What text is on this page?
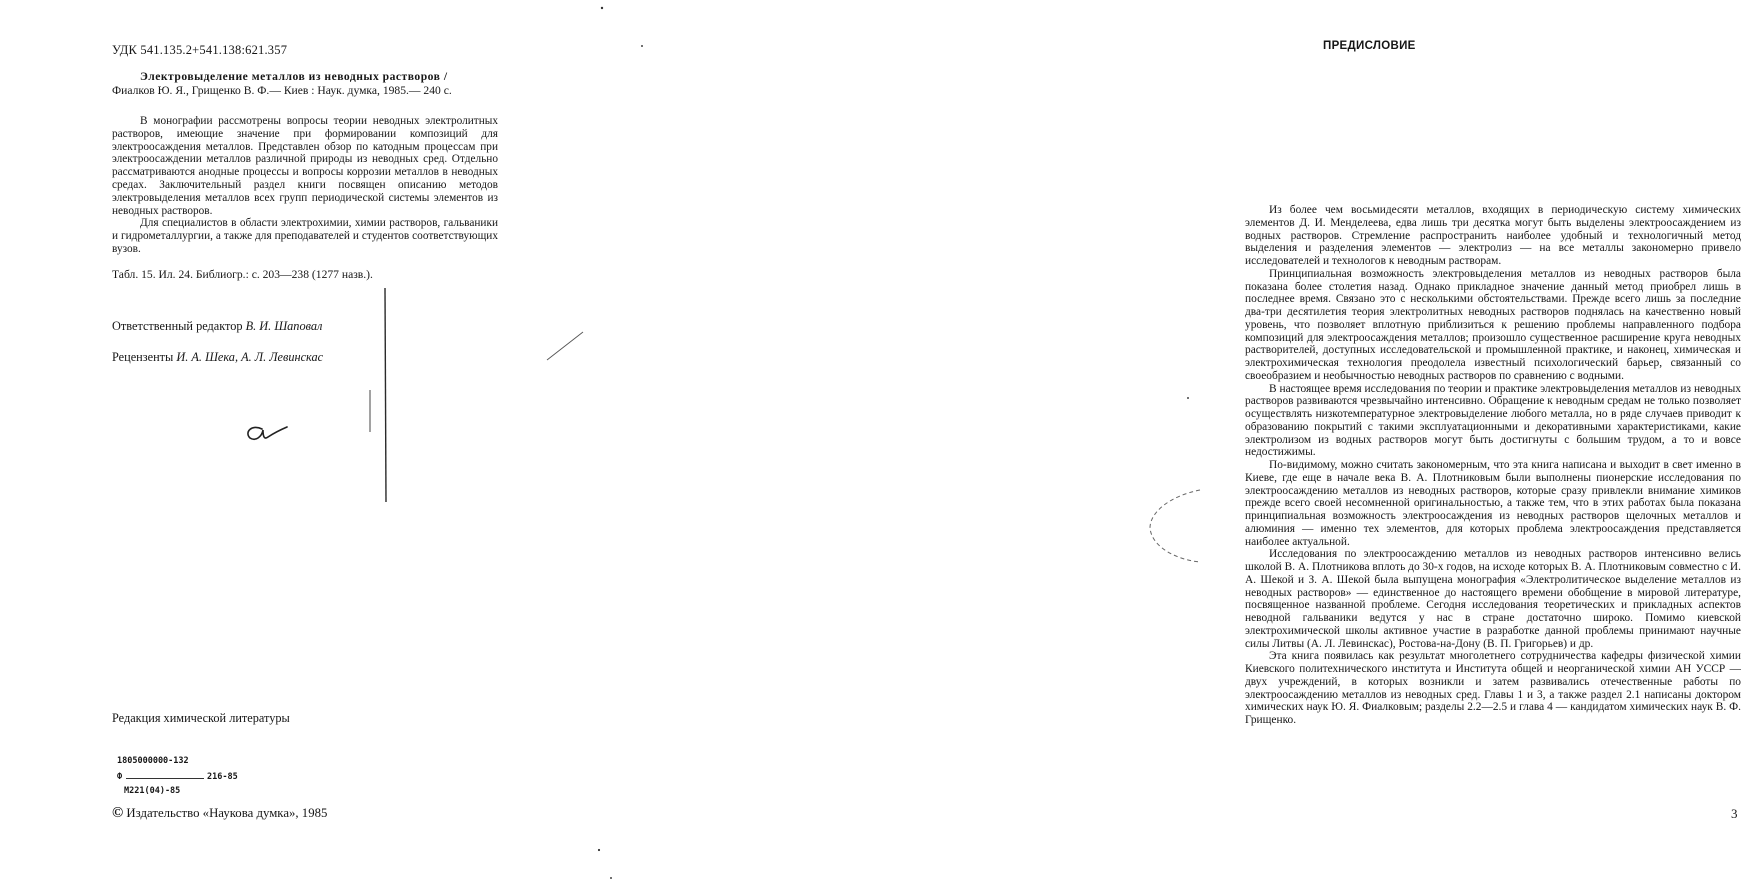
УДК 541.135.2+541.138:621.357

Электровыделение металлов из неводных растворов /

Фиалков Ю. Я., Грищенко В. Ф.— Киев : Наук. думка, 1985.— 240 с.

В монографии рассмотрены вопросы теории неводных электролитных растворов, имеющие значение при формировании композиций для электроосаждения металлов. Представлен обзор по катодным процессам при электроосаждении металлов различной природы из неводных сред. Отдельно рассматриваются анодные процессы и вопросы коррозии металлов в неводных средах. Заключительный раздел книги посвящен описанию методов электровыделения металлов всех групп периодической системы элементов из неводных растворов.

Для специалистов в области электрохимии, химии растворов, гальваники и гидрометаллургии, а также для преподавателей и студентов соответствующих вузов.

Табл. 15. Ил. 24. Библиогр.: с. 203—238 (1277 назв.).
Ответственный редактор В. И. Шаповал
Рецензенты И. А. Шека, А. Л. Левинскас
Редакция химической литературы
1805000000-132
Ф	216-85
М221(04)-85
© Издательство «Наукова думка», 1985
ПРЕДИСЛОВИЕ

Из более чем восьмидесяти металлов, входящих в периодическую систему химических элементов Д. И. Менделеева, едва лишь три десятка могут быть выделены электроосаждением из водных растворов. Стремление распространить наиболее удобный и технологичный метод выделения и разделения элементов — электролиз — на все металлы закономерно привело исследователей и технологов к неводным растворам.

Принципиальная возможность электровыделения металлов из неводных растворов была показана более столетия назад. Однако прикладное значение данный метод приобрел лишь в последнее время. Связано это с несколькими обстоятельствами. Прежде всего лишь за последние два-три десятилетия теория электролитных неводных растворов поднялась на качественно новый уровень, что позволяет вплотную приблизиться к решению проблемы направленного подбора композиций для электроосаждения металлов; произошло существенное расширение круга неводных растворителей, доступных исследовательской и промышленной практике, и наконец, химическая и электрохимическая технология преодолела известный психологический барьер, связанный со своеобразием и необычностью неводных растворов по сравнению с водными.

В настоящее время исследования по теории и практике электровыделения металлов из неводных растворов развиваются чрезвычайно интенсивно. Обращение к неводным средам не только позволяет осуществлять низкотемпературное электровыделение любого металла, но в ряде случаев приводит к образованию покрытий с такими эксплуатационными и декоративными характеристиками, какие электролизом из водных растворов могут быть достигнуты с большим трудом, а то и вовсе недостижимы.

По-видимому, можно считать закономерным, что эта книга написана и выходит в свет именно в Киеве, где еще в начале века В. А. Плотниковым были выполнены пионерские исследования по электроосаждению металлов из неводных растворов, которые сразу привлекли внимание химиков прежде всего своей несомненной оригинальностью, а также тем, что в этих работах была показана принципиальная возможность электроосаждения из неводных растворов щелочных металлов и алюминия — именно тех элементов, для которых проблема электроосаждения представляется наиболее актуальной.

Исследования по электроосаждению металлов из неводных растворов интенсивно велись школой В. А. Плотникова вплоть до 30-х годов, на исходе которых В. А. Плотниковым совместно с И. А. Шекой и З. А. Шекой была выпущена монография «Электролитическое выделение металлов из неводных растворов» — единственное до настоящего времени обобщение в мировой литературе, посвященное названной проблеме. Сегодня исследования теоретических и прикладных аспектов неводной гальваники ведутся у нас в стране достаточно широко. Помимо киевской электрохимической школы активное участие в разработке данной проблемы принимают научные силы Литвы (А. Л. Левинскас), Ростова-на-Дону (В. П. Григорьев) и др.

Эта книга появилась как результат многолетнего сотрудничества кафедры физической химии Киевского политехнического института и Института общей и неорганической химии АН УССР — двух учреждений, в которых возникли и затем развивались отечественные работы по электроосаждению металлов из неводных сред. Главы 1 и 3, а также раздел 2.1 написаны доктором химических наук Ю. Я. Фиалковым; разделы 2.2—2.5 и глава 4 — кандидатом химических наук В. Ф. Грищенко.

3
